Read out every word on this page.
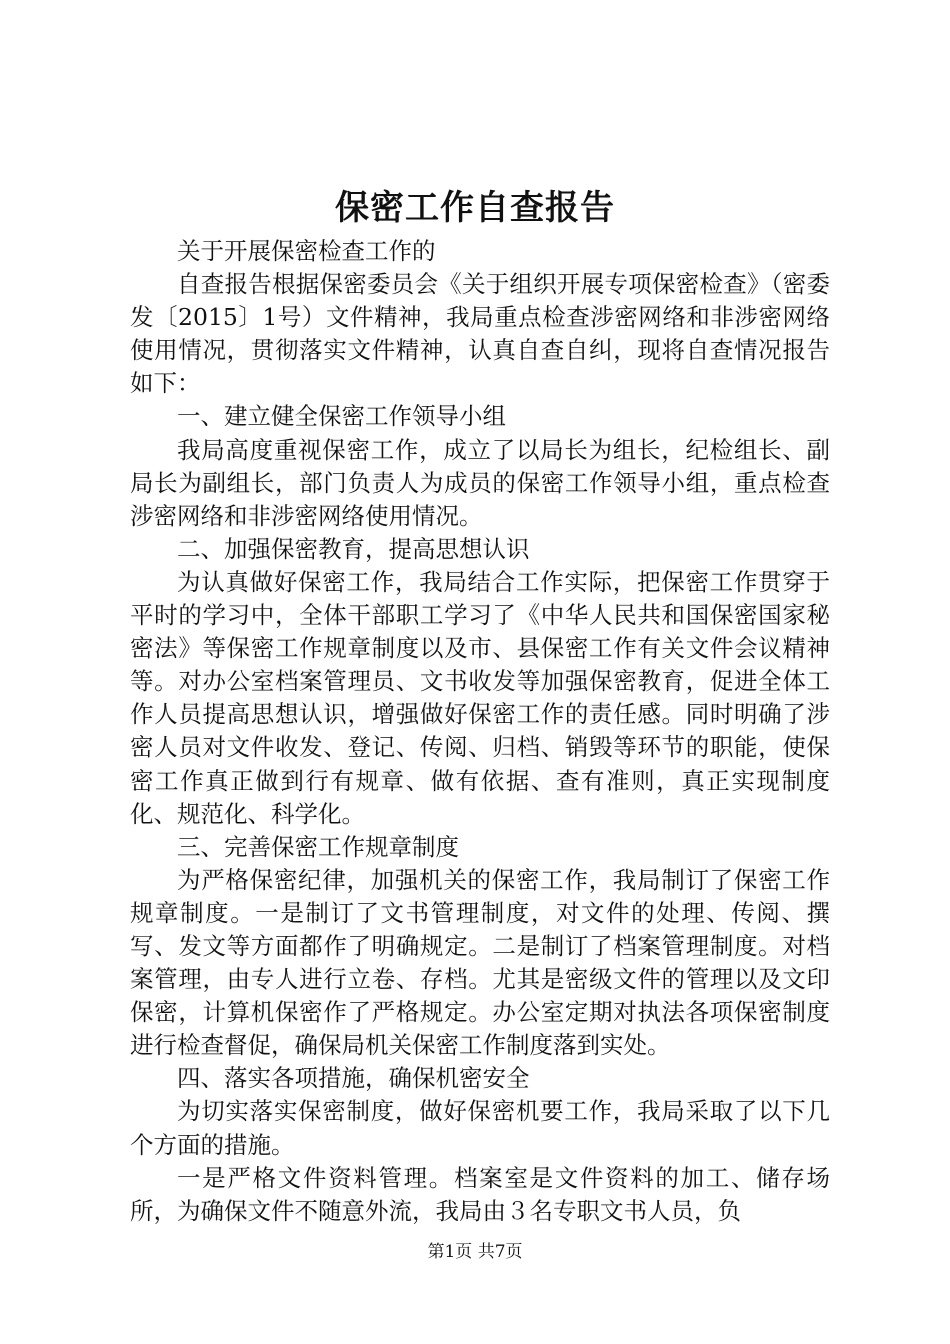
保密工作自查报告

关于开展保密检查工作的

自查报告根据保密委员会《关于组织开展专项保密检查》（密委发〔2015〕1号）文件精神，我局重点检查涉密网络和非涉密网络使用情况，贯彻落实文件精神，认真自查自纠，现将自查情况报告如下：

一、建立健全保密工作领导小组

我局高度重视保密工作，成立了以局长为组长，纪检组长、副局长为副组长，部门负责人为成员的保密工作领导小组，重点检查涉密网络和非涉密网络使用情况。

二、加强保密教育，提高思想认识

为认真做好保密工作，我局结合工作实际，把保密工作贯穿于平时的学习中，全体干部职工学习了《中华人民共和国保密国家秘密法》等保密工作规章制度以及市、县保密工作有关文件会议精神等。对办公室档案管理员、文书收发等加强保密教育，促进全体工作人员提高思想认识，增强做好保密工作的责任感。同时明确了涉密人员对文件收发、登记、传阅、归档、销毁等环节的职能，使保密工作真正做到行有规章、做有依据、查有准则，真正实现制度化、规范化、科学化。

三、完善保密工作规章制度

为严格保密纪律，加强机关的保密工作，我局制订了保密工作规章制度。一是制订了文书管理制度，对文件的处理、传阅、撰写、发文等方面都作了明确规定。二是制订了档案管理制度。对档案管理，由专人进行立卷、存档。尤其是密级文件的管理以及文印保密，计算机保密作了严格规定。办公室定期对执法各项保密制度进行检查督促，确保局机关保密工作制度落到实处。

四、落实各项措施，确保机密安全

为切实落实保密制度，做好保密机要工作，我局采取了以下几个方面的措施。

一是严格文件资料管理。档案室是文件资料的加工、储存场所，为确保文件不随意外流，我局由３名专职文书人员，负

第1页 共7页
